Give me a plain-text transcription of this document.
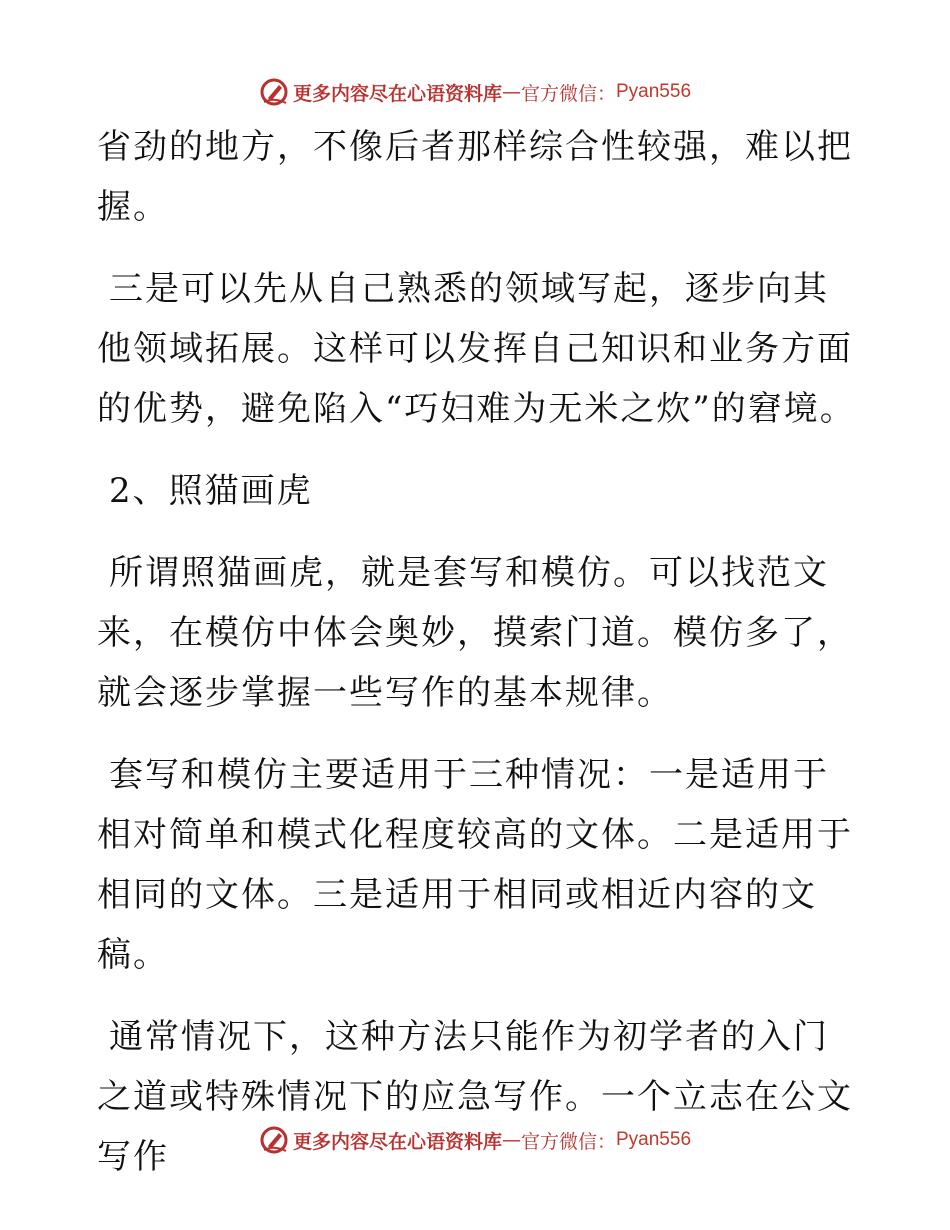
更多内容尽在心语资料库 — 官方微信： Pyan556

省劲的地方，不像后者那样综合性较强，难以把握。

三是可以先从自己熟悉的领域写起，逐步向其他领域拓展。这样可以发挥自己知识和业务方面的优势，避免陷入“巧妇难为无米之炊”的窘境。

2、照猫画虎

所谓照猫画虎，就是套写和模仿。可以找范文来，在模仿中体会奥妙，摸索门道。模仿多了，就会逐步掌握一些写作的基本规律。

套写和模仿主要适用于三种情况：一是适用于相对简单和模式化程度较高的文体。二是适用于相同的文体。三是适用于相同或相近内容的文稿。

通常情况下，这种方法只能作为初学者的入门之道或特殊情况下的应急写作。一个立志在公文写作	更多内容尽在心语资料库 — 官方微信： Pyan556
